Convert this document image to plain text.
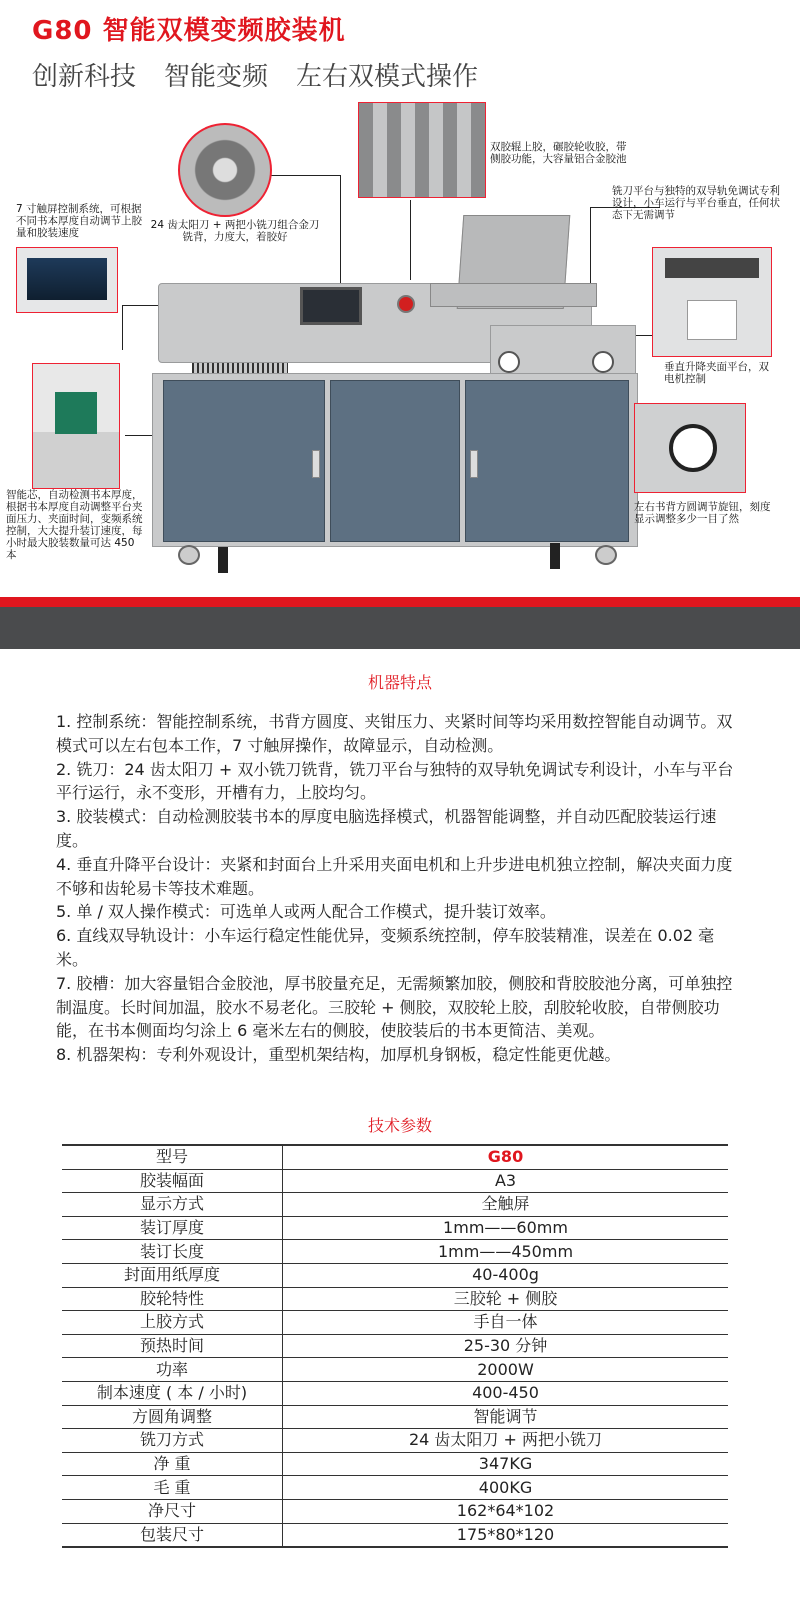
G80 智能双模变频胶装机
创新科技 智能变频 左右双模式操作
7 寸触屏控制系统，可根据不同书本厚度自动调节上胶量和胶装速度
24 齿太阳刀 + 两把小铣刀组合金刀铣背，力度大，着胶好
双胶辊上胶，碾胶轮收胶，带侧胶功能，大容量铝合金胶池
铣刀平台与独特的双导轨免调试专利设计，小车运行与平台垂直，任何状态下无需调节
垂直升降夹面平台，双电机控制
左右书背方圆调节旋钮，刻度显示调整多少一目了然
智能芯，自动检测书本厚度，根据书本厚度自动调整平台夹面压力、夹面时间，变频系统控制，大大提升装订速度，每小时最大胶装数量可达 450 本
机器特点
1. 控制系统：智能控制系统，书背方圆度、夹钳压力、夹紧时间等均采用数控智能自动调节。双模式可以左右包本工作，7 寸触屏操作，故障显示，自动检测。
2. 铣刀：24 齿太阳刀 + 双小铣刀铣背，铣刀平台与独特的双导轨免调试专利设计，小车与平台平行运行，永不变形，开槽有力，上胶均匀。
3. 胶装模式：自动检测胶装书本的厚度电脑选择模式，机器智能调整，并自动匹配胶装运行速度。
4. 垂直升降平台设计：夹紧和封面台上升采用夹面电机和上升步进电机独立控制，解决夹面力度不够和齿轮易卡等技术难题。
5. 单 / 双人操作模式：可选单人或两人配合工作模式，提升装订效率。
6. 直线双导轨设计：小车运行稳定性能优异，变频系统控制，停车胶装精准，误差在 0.02 毫米。
7. 胶槽：加大容量铝合金胶池，厚书胶量充足，无需频繁加胶，侧胶和背胶胶池分离，可单独控制温度。长时间加温，胶水不易老化。三胶轮 + 侧胶，双胶轮上胶，刮胶轮收胶，自带侧胶功能，在书本侧面均匀涂上 6 毫米左右的侧胶，使胶装后的书本更简洁、美观。
8. 机器架构：专利外观设计，重型机架结构，加厚机身钢板，稳定性能更优越。
技术参数
型号	G80
胶装幅面	A3
显示方式	全触屏
装订厚度	1mm——60mm
装订长度	1mm——450mm
封面用纸厚度	40-400g
胶轮特性	三胶轮 + 侧胶
上胶方式	手自一体
预热时间	25-30 分钟
功率	2000W
制本速度 ( 本 / 小时)	400-450
方圆角调整	智能调节
铣刀方式	24 齿太阳刀 + 两把小铣刀
净 重	347KG
毛 重	400KG
净尺寸	162*64*102
包装尺寸	175*80*120
